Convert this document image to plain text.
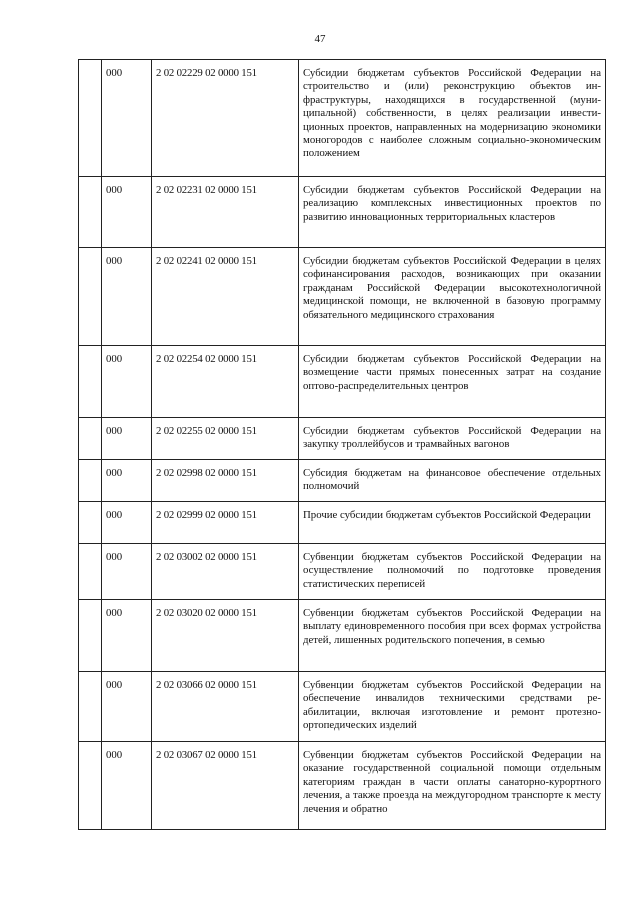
47
	000	2 02 02229 02 0000 151	Субсидии бюджетам субъектов Российской Федерации на строительство и (или) реконструкцию объектов инфраструктуры, находящихся в государственной (муниципальной) собственности, в целях реализации инвестиционных проектов, направленных на модернизацию экономики моногородов с наиболее сложным социально-экономическим положением
	000	2 02 02231 02 0000 151	Субсидии бюджетам субъектов Российской Федерации на реализацию комплексных инвестиционных проектов по развитию инновационных территориальных кластеров
	000	2 02 02241 02 0000 151	Субсидии бюджетам субъектов Российской Федерации в целях софинансирования расходов, возникающих при оказании гражданам Российской Федерации высокотехнологичной медицинской помощи, не включенной в базовую программу обязательного медицинского страхования
	000	2 02 02254 02 0000 151	Субсидии бюджетам субъектов Российской Федерации на возмещение части прямых понесенных затрат на создание оптово-распределительных центров
	000	2 02 02255 02 0000 151	Субсидии бюджетам субъектов Российской Федерации на закупку троллейбусов и трамвайных вагонов
	000	2 02 02998 02 0000 151	Субсидия бюджетам на финансовое обеспечение отдельных полномочий
	000	2 02 02999 02 0000 151	Прочие субсидии бюджетам субъектов Российской Федерации
	000	2 02 03002 02 0000 151	Субвенции бюджетам субъектов Российской Федерации на осуществление полномочий по подготовке проведения статистических переписей
	000	2 02 03020 02 0000 151	Субвенции бюджетам субъектов Российской Федерации на выплату единовременного пособия при всех формах устройства детей, лишенных родительского попечения, в семью
	000	2 02 03066 02 0000 151	Субвенции бюджетам субъектов Российской Федерации на обеспечение инвалидов техническими средствами реабилитации, включая изготовление и ремонт протезно-ортопедических изделий
	000	2 02 03067 02 0000 151	Субвенции бюджетам субъектов Российской Федерации на оказание государственной социальной помощи отдельным категориям граждан в части оплаты санаторно-курортного лечения, а также проезда на междугородном транспорте к месту лечения и обратно
